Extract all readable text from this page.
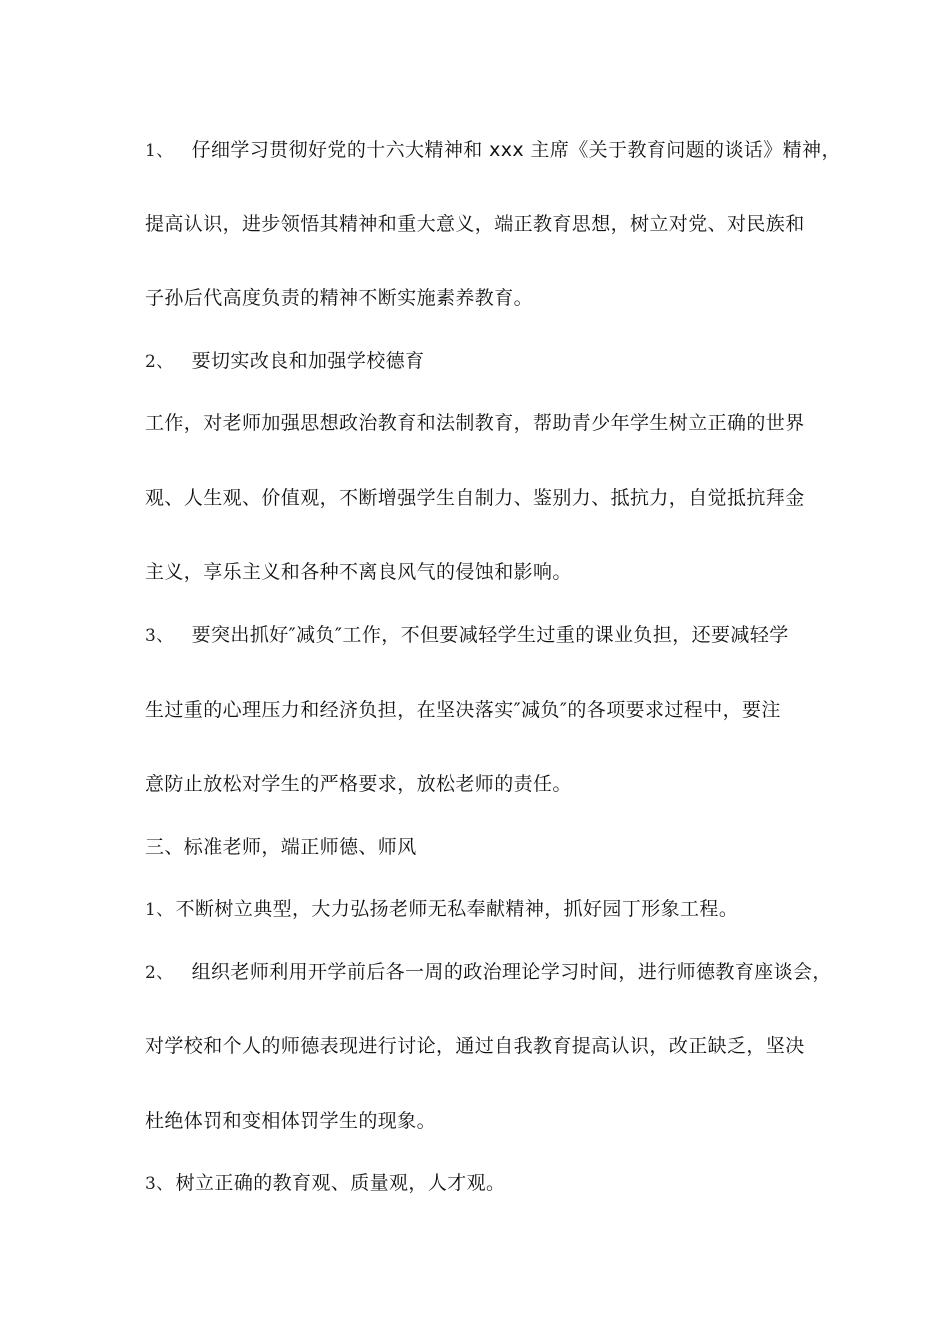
1、 仔细学习贯彻好党的十六大精神和 xxx 主席《关于教育问题的谈话》精神，
提高认识，进步领悟其精神和重大意义，端正教育思想，树立对党、对民族和
子孙后代高度负责的精神不断实施素养教育。
2、 要切实改良和加强学校德育
工作，对老师加强思想政治教育和法制教育，帮助青少年学生树立正确的世界
观、人生观、价值观，不断增强学生自制力、鉴别力、抵抗力，自觉抵抗拜金
主义，享乐主义和各种不离良风气的侵蚀和影响。
3、 要突出抓好″减负″工作，不但要减轻学生过重的课业负担，还要减轻学
生过重的心理压力和经济负担，在坚决落实″减负″的各项要求过程中，要注
意防止放松对学生的严格要求，放松老师的责任。
三、标准老师，端正师德、师风
1、 不断树立典型，大力弘扬老师无私奉献精神，抓好园丁形象工程。
2、 组织老师利用开学前后各一周的政治理论学习时间，进行师德教育座谈会，
对学校和个人的师德表现进行讨论，通过自我教育提高认识，改正缺乏，坚决
杜绝体罚和变相体罚学生的现象。
3、 树立正确的教育观、质量观，人才观。
